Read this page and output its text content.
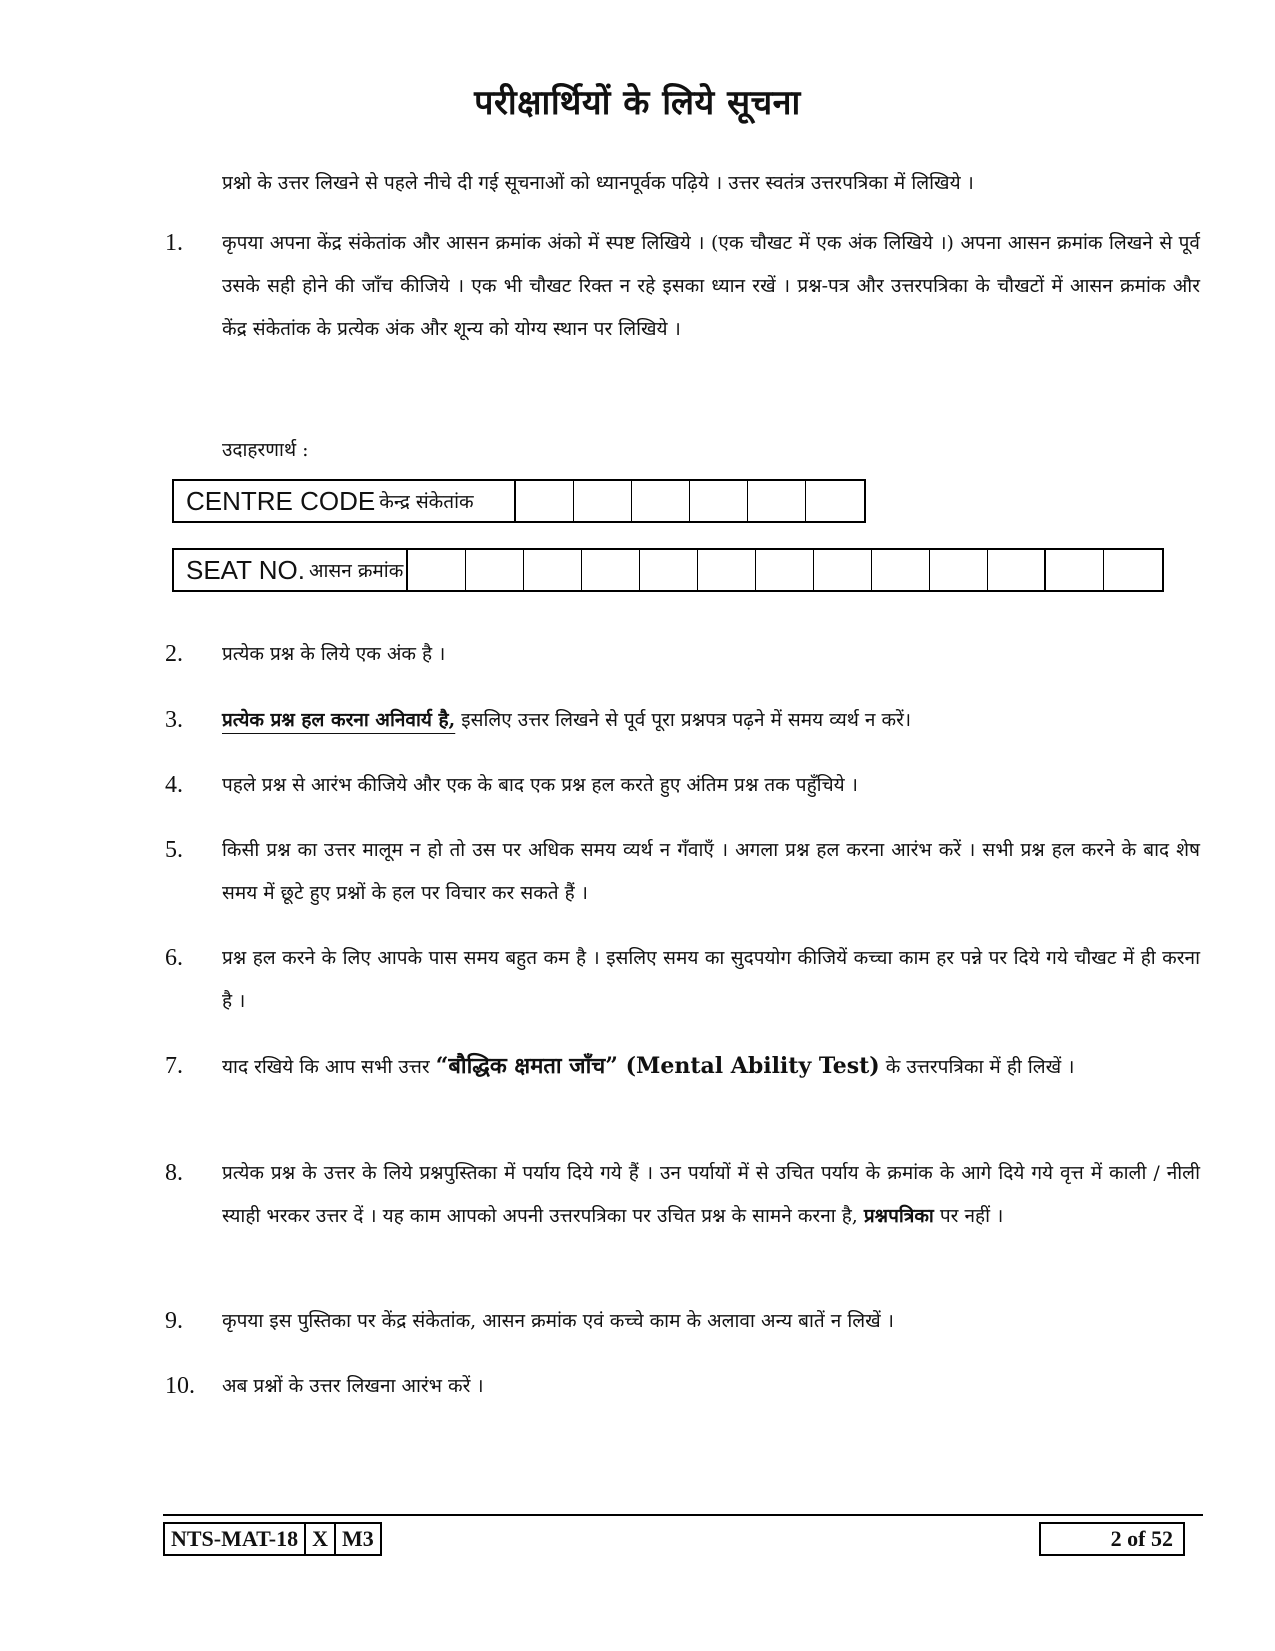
परीक्षार्थियों के लिये सूचना
प्रश्नो के उत्तर लिखने से पहले नीचे दी गई सूचनाओं को ध्यानपूर्वक पढ़िये । उत्तर स्वतंत्र उत्तरपत्रिका में लिखिये ।
1.	कृपया अपना केंद्र संकेतांक और आसन क्रमांक अंको में स्पष्ट लिखिये । (एक चौखट में एक अंक लिखिये ।) अपना आसन क्रमांक लिखने से पूर्व उसके सही होने की जाँच कीजिये । एक भी चौखट रिक्त न रहे इसका ध्यान रखें । प्रश्न-पत्र और उत्तरपत्रिका के चौखटों में आसन क्रमांक और केंद्र संकेतांक के प्रत्येक अंक और शून्य को योग्य स्थान पर लिखिये ।
उदाहरणार्थ :
CENTRE CODE केन्द्र संकेतांक
SEAT NO. आसन क्रमांक
2.	प्रत्येक प्रश्न के लिये एक अंक है ।
3.	प्रत्येक प्रश्न हल करना अनिवार्य है, इसलिए उत्तर लिखने से पूर्व पूरा प्रश्नपत्र पढ़ने में समय व्यर्थ न करें।
4.	पहले प्रश्न से आरंभ कीजिये और एक के बाद एक प्रश्न हल करते हुए अंतिम प्रश्न तक पहुँचिये ।
5.	किसी प्रश्न का उत्तर मालूम न हो तो उस पर अधिक समय व्यर्थ न गँवाएँ । अगला प्रश्न हल करना आरंभ करें । सभी प्रश्न हल करने के बाद शेष समय में छूटे हुए प्रश्नों के हल पर विचार कर सकते हैं ।
6.	प्रश्न हल करने के लिए आपके पास समय बहुत कम है । इसलिए समय का सुदपयोग कीजियें कच्चा काम हर पन्ने पर दिये गये चौखट में ही करना है ।
7.	याद रखिये कि आप सभी उत्तर “बौद्धिक क्षमता जाँच” (Mental Ability Test) के उत्तरपत्रिका में ही लिखें ।
8.	प्रत्येक प्रश्न के उत्तर के लिये प्रश्नपुस्तिका में पर्याय दिये गये हैं । उन पर्यायों में से उचित पर्याय के क्रमांक के आगे दिये गये वृत्त में काली / नीली स्याही भरकर उत्तर दें । यह काम आपको अपनी उत्तरपत्रिका पर उचित प्रश्न के सामने करना है, प्रश्नपत्रिका पर नहीं ।
9.	कृपया इस पुस्तिका पर केंद्र संकेतांक, आसन क्रमांक एवं कच्चे काम के अलावा अन्य बातें न लिखें ।
10.	अब प्रश्नों के उत्तर लिखना आरंभ करें ।
NTS-MAT-18 X M3	2 of 52
